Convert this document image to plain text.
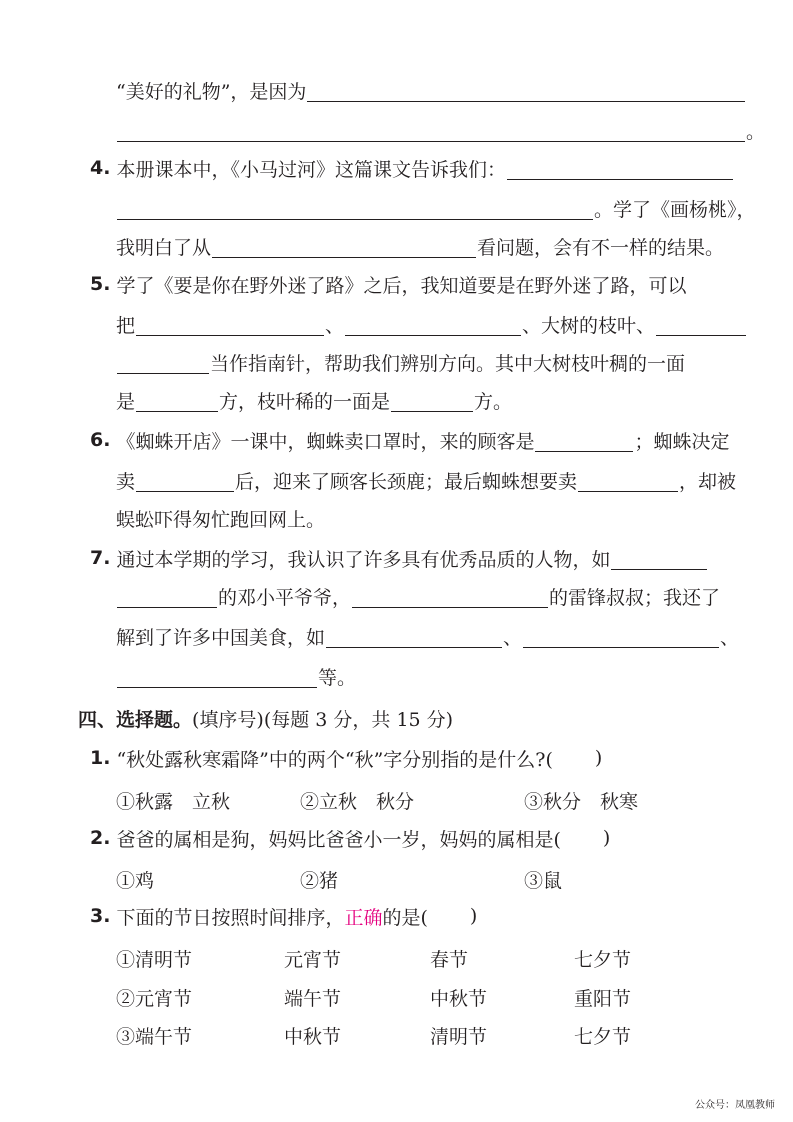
“美好的礼物”，是因为
。
4. 本册课本中，《小马过河》这篇课文告诉我们：
。学了《画杨桃》，
我明白了从	看问题，会有不一样的结果。
5. 学了《要是你在野外迷了路》之后，我知道要是在野外迷了路，可以
把	、	、大树的枝叶、
当作指南针，帮助我们辨别方向。其中大树枝叶稠的一面
是	方，枝叶稀的一面是	方。
6. 《蜘蛛开店》一课中，蜘蛛卖口罩时，来的顾客是	；蜘蛛决定
卖	后，迎来了顾客长颈鹿；最后蜘蛛想要卖	，却被
蜈蚣吓得匆忙跑回网上。
7. 通过本学期的学习，我认识了许多具有优秀品质的人物，如
的邓小平爷爷，	的雷锋叔叔；我还了
解到了许多中国美食，如	、	、
等。
四、选择题。 (填序号)(每题 3 分，共 15 分)
1. “秋处露秋寒霜降”中的两个“秋”字分别指的是什么?( )
①秋露　立秋	②立秋　秋分	③秋分　秋寒
2. 爸爸的属相是狗，妈妈比爸爸小一岁，妈妈的属相是( )
①鸡	②猪	③鼠
3. 下面的节日按照时间排序， 正确 的是( )
①清明节	元宵节	春节	七夕节
②元宵节	端午节	中秋节	重阳节
③端午节	中秋节	清明节	七夕节
公众号：凤凰教师
